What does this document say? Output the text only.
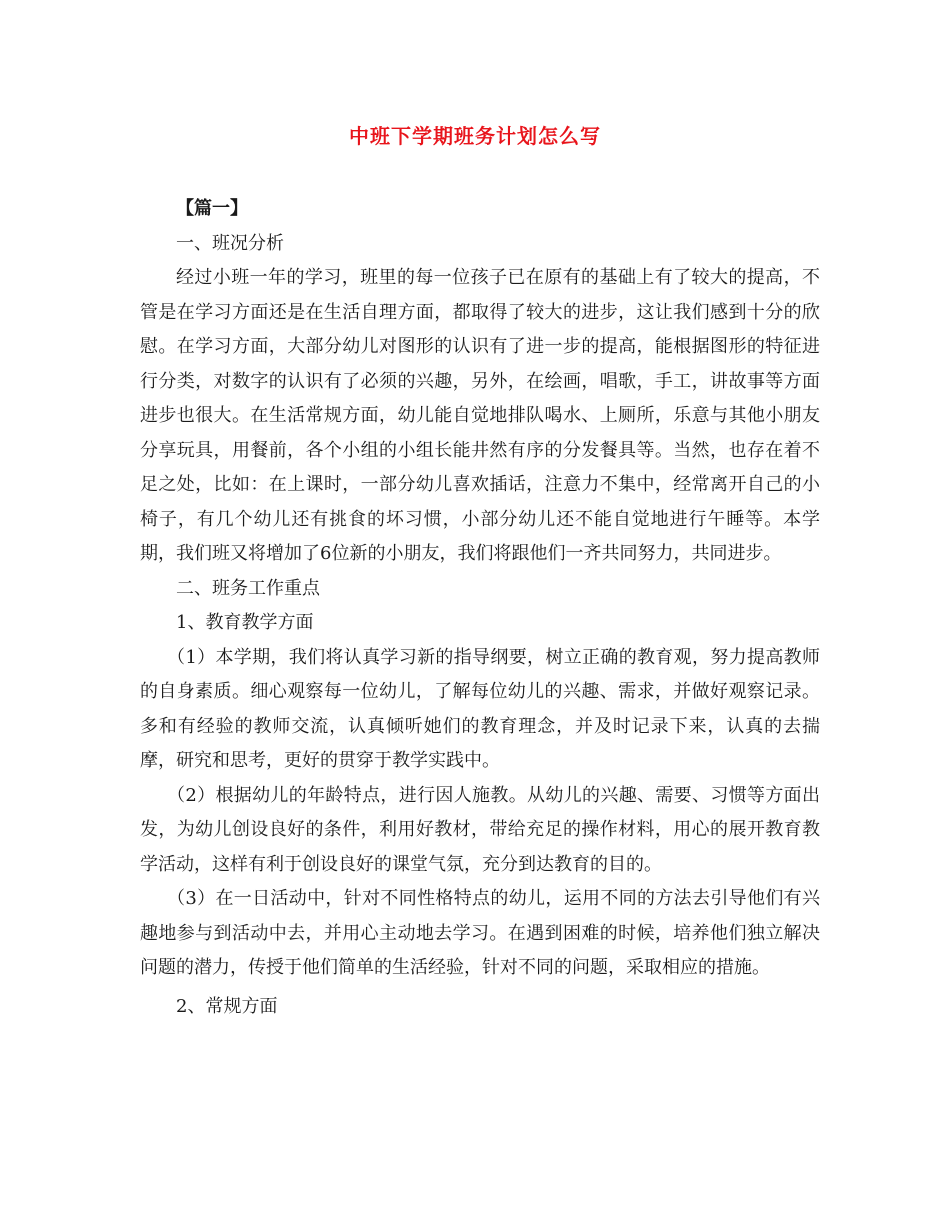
中班下学期班务计划怎么写

【篇一】

一、班况分析

经过小班一年的学习，班里的每一位孩子已在原有的基础上有了较大的提高，不管是在学习方面还是在生活自理方面，都取得了较大的进步，这让我们感到十分的欣慰。在学习方面，大部分幼儿对图形的认识有了进一步的提高，能根据图形的特征进行分类，对数字的认识有了必须的兴趣，另外，在绘画，唱歌，手工，讲故事等方面进步也很大。在生活常规方面，幼儿能自觉地排队喝水、上厕所，乐意与其他小朋友分享玩具，用餐前，各个小组的小组长能井然有序的分发餐具等。当然，也存在着不足之处，比如：在上课时，一部分幼儿喜欢插话，注意力不集中，经常离开自己的小椅子，有几个幼儿还有挑食的坏习惯，小部分幼儿还不能自觉地进行午睡等。本学期，我们班又将增加了6位新的小朋友，我们将跟他们一齐共同努力，共同进步。

二、班务工作重点

1、教育教学方面

（1）本学期，我们将认真学习新的指导纲要，树立正确的教育观，努力提高教师的自身素质。细心观察每一位幼儿，了解每位幼儿的兴趣、需求，并做好观察记录。多和有经验的教师交流，认真倾听她们的教育理念，并及时记录下来，认真的去揣摩，研究和思考，更好的贯穿于教学实践中。

（2）根据幼儿的年龄特点，进行因人施教。从幼儿的兴趣、需要、习惯等方面出发，为幼儿创设良好的条件，利用好教材，带给充足的操作材料，用心的展开教育教学活动，这样有利于创设良好的课堂气氛，充分到达教育的目的。

（3）在一日活动中，针对不同性格特点的幼儿，运用不同的方法去引导他们有兴趣地参与到活动中去，并用心主动地去学习。在遇到困难的时候，培养他们独立解决问题的潜力，传授于他们简单的生活经验，针对不同的问题，采取相应的措施。

2、常规方面
